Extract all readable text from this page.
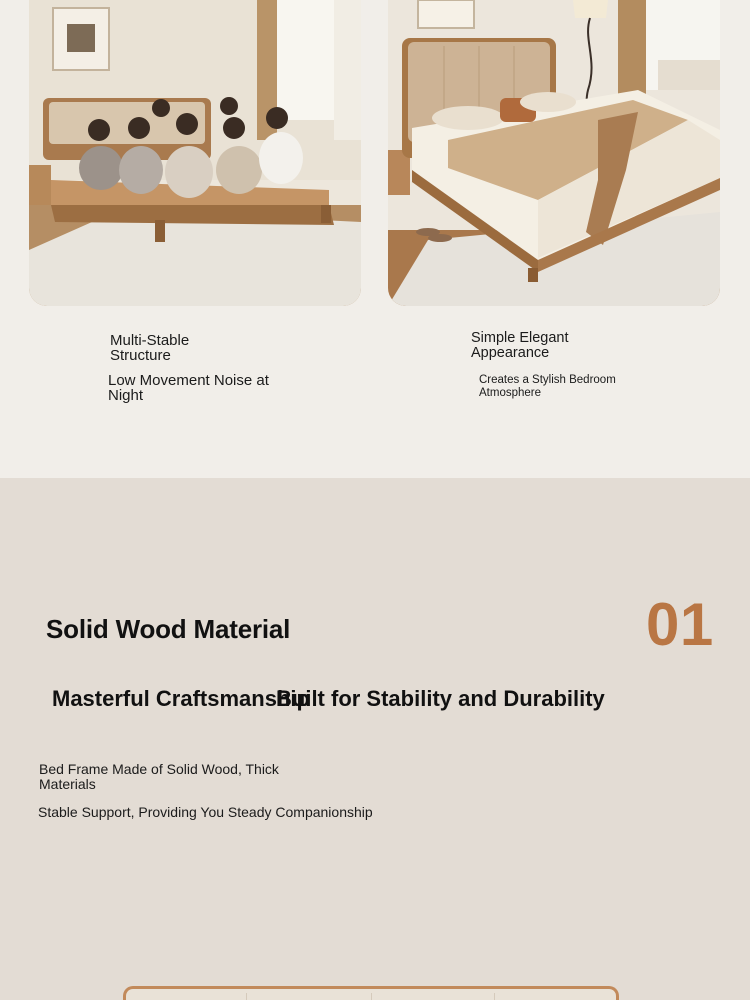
Multi-Stable
Structure
Low Movement Noise at
Night
Simple Elegant
Appearance
Creates a Stylish Bedroom
Atmosphere
Solid Wood Material	01
Masterful Craftsmanship
Built for Stability and Durability
Bed Frame Made of Solid Wood, Thick
Materials
Stable Support, Providing You Steady Companionship
